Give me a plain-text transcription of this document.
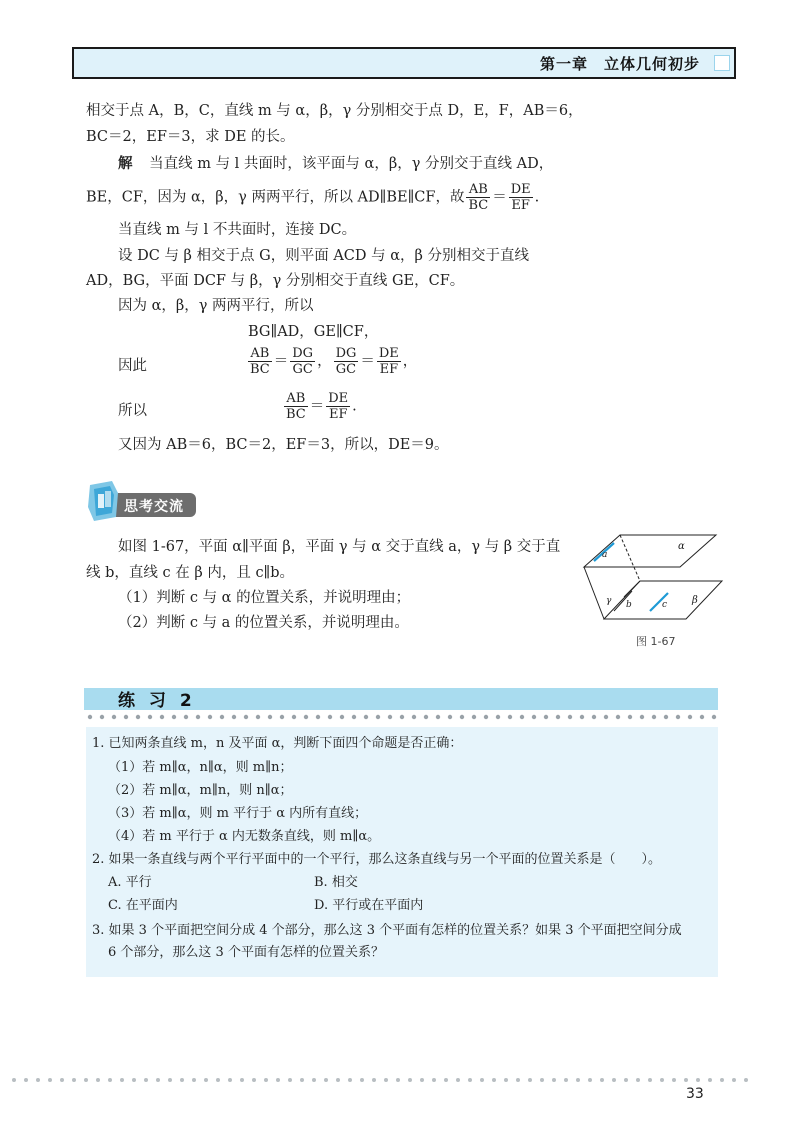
第一章　立体几何初步
相交于点 A，B，C，直线 m 与 α，β，γ 分别相交于点 D，E，F，AB＝6，
BC＝2，EF＝3，求 DE 的长。
解 当直线 m 与 l 共面时，该平面与 α，β，γ 分别交于直线 AD，
BE，CF，因为 α，β，γ 两两平行，所以 AD∥BE∥CF，故 $\frac{AB}{BC} = \frac{DE}{EF}$ .
当直线 m 与 l 不共面时，连接 DC。
设 DC 与 β 相交于点 G，则平面 ACD 与 α，β 分别相交于直线
AD，BG，平面 DCF 与 β，γ 分别相交于直线 GE，CF。
因为 α，β，γ 两两平行，所以
BG∥AD，GE∥CF，
因此	$\frac{AB}{BC} = \frac{DG}{GC}$ ， $\frac{DG}{GC} = \frac{DE}{EF}$ ，
所以	$\frac{AB}{BC} = \frac{DE}{EF}$ .
又因为 AB＝6，BC＝2，EF＝3，所以，DE＝9。
思考交流
如图 1-67，平面 α∥平面 β，平面 γ 与 α 交于直线 a，γ 与 β 交于直
线 b，直线 c 在 β 内，且 c∥b。
（1）判断 c 与 α 的位置关系，并说明理由；
（2）判断 c 与 a 的位置关系，并说明理由。
a
α
γ b	c β
图 1-67
练 习 2
1. 已知两条直线 m，n 及平面 α，判断下面四个命题是否正确：
（1）若 m∥α，n∥α，则 m∥n；
（2）若 m∥α，m∥n，则 n∥α；
（3）若 m∥α，则 m 平行于 α 内所有直线；
（4）若 m 平行于 α 内无数条直线，则 m∥α。
2. 如果一条直线与两个平行平面中的一个平行，那么这条直线与另一个平面的位置关系是（　　）。
A. 平行	B. 相交
C. 在平面内	D. 平行或在平面内
3. 如果 3 个平面把空间分成 4 个部分，那么这 3 个平面有怎样的位置关系？如果 3 个平面把空间分成
6 个部分，那么这 3 个平面有怎样的位置关系？
33
